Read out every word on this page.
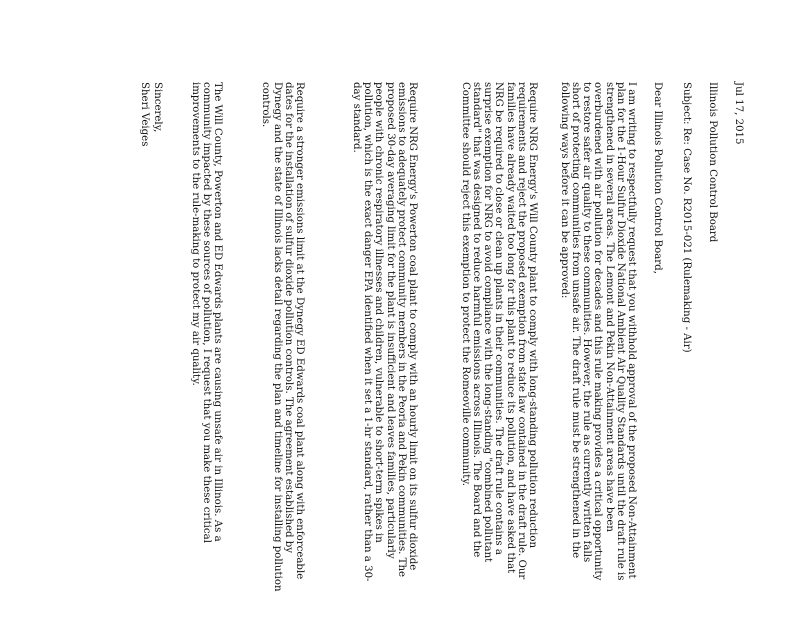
Jul 17, 2015
Illinois Pollution Control Board
Subject: Re: Case No. R2015-021 (Rulemaking - Air)
Dear Illinois Pollution Control Board,

I am writing to respectfully request that you withhold approval of the proposed Non-Attainment plan for the 1-Hour Sulfur Dioxide National Ambient Air Quality Standards until the draft rule is strengthened in several areas. The Lemont and Pekin Non-Attainment areas have been overburdened with air pollution for decades and this rule making provides a critical opportunity to restore safer air quality to these communities. However, the rule as currently written falls short of protecting communities from unsafe air. The draft rule must be strengthened in the following ways before it can be approved:

Require NRG Energy's Will County plant to comply with long-standing pollution reduction requirements and reject the proposed exemption from state law contained in the draft rule. Our families have already waited too long for this plant to reduce its pollution, and have asked that NRG be required to close or clean up plants in their communities. The draft rule contains a surprise exemption for NRG to avoid compliance with the long-standing "combined pollutant standard" that was designed to reduce harmful emissions across Illinois. The Board and the Committee should reject this exemption to protect the Romeoville community.

Require NRG Energy's Powerton coal plant to comply with an hourly limit on its sulfur dioxide emissions to adequately protect community members in the Peoria and Pekin communities. The proposed 30-day averaging limit for the plant is insufficient and leaves families, particularly people with chronic respiratory illnesses and children, vulnerable to short-term spikes in pollution, which is the exact danger EPA identified when it set a 1-hr standard, rather than a 30-day standard.

Require a stronger emissions limit at the Dynegy ED Edwards coal plant along with enforceable dates for the installation of sulfur dioxide pollution controls. The agreement established by Dynegy and the state of Illinois lacks detail regarding the plan and timeline for installing pollution controls.

The Will County, Powerton and ED Edwards plants are causing unsafe air in Illinois. As a community impacted by these sources of pollution, I request that you make these critical improvements to the rule-making to protect my air quality.

Sincerely,
Sheri Veiges
